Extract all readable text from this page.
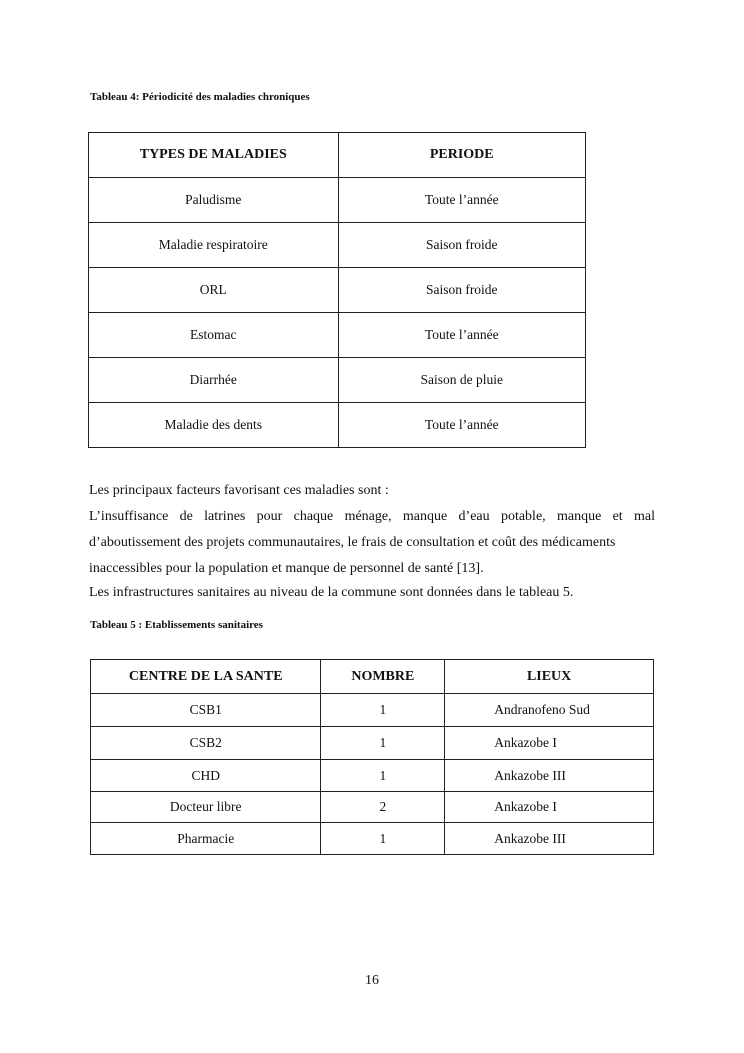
Tableau 4: Périodicité des maladies chroniques
TYPES DE MALADIES	PERIODE
Paludisme	Toute l’année
Maladie respiratoire	Saison froide
ORL	Saison froide
Estomac	Toute l’année
Diarrhée	Saison de pluie
Maladie des dents	Toute l’année
Les principaux facteurs favorisant ces maladies sont :
L’insuffisance de latrines pour chaque ménage, manque d’eau potable, manque et mal
d’aboutissement des projets communautaires, le frais de consultation et coût des médicaments
inaccessibles pour la population et manque de personnel de santé [13].
Les infrastructures sanitaires au niveau de la commune sont données dans le tableau 5.
Tableau 5 : Etablissements sanitaires
CENTRE DE LA SANTE	NOMBRE	LIEUX
CSB1	1	Andranofeno Sud
CSB2	1	Ankazobe I
CHD	1	Ankazobe III
Docteur libre	2	Ankazobe I
Pharmacie	1	Ankazobe III
16
